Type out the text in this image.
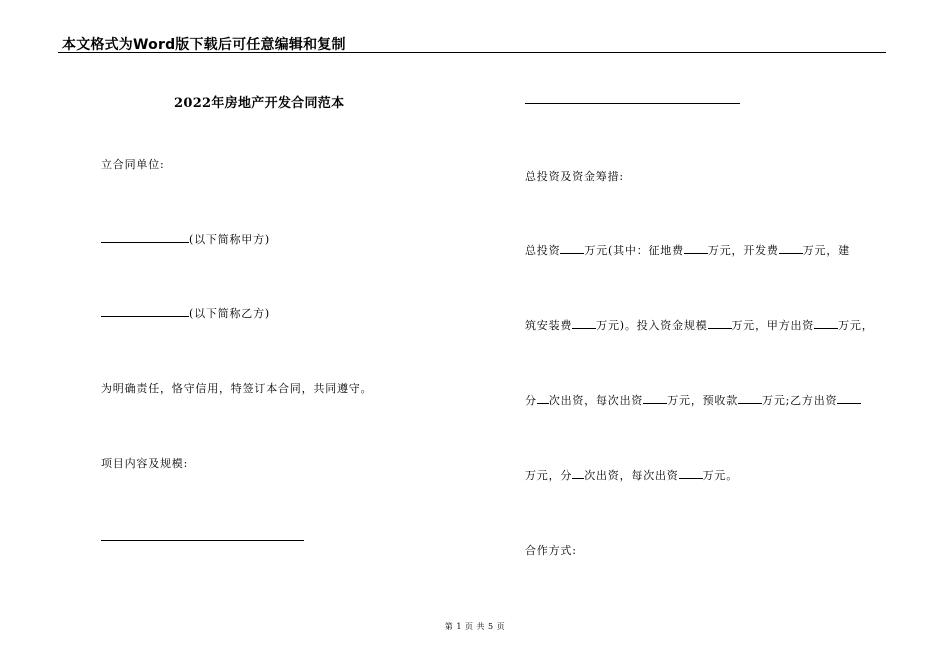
本文格式为Word版下载后可任意编辑和复制
2022年房地产开发合同范本
立合同单位:
(以下简称甲方)
(以下简称乙方)
为明确责任，恪守信用，特签订本合同，共同遵守。
项目内容及规模:
总投资及资金筹措:
总投资 万元(其中：征地费 万元，开发费 万元，建
筑安装费 万元)。投入资金规模 万元，甲方出资 万元，
分 次出资，每次出资 万元，预收款 万元;乙方出资
万元，分 次出资，每次出资 万元。
合作方式:
第 1 页 共 5 页
